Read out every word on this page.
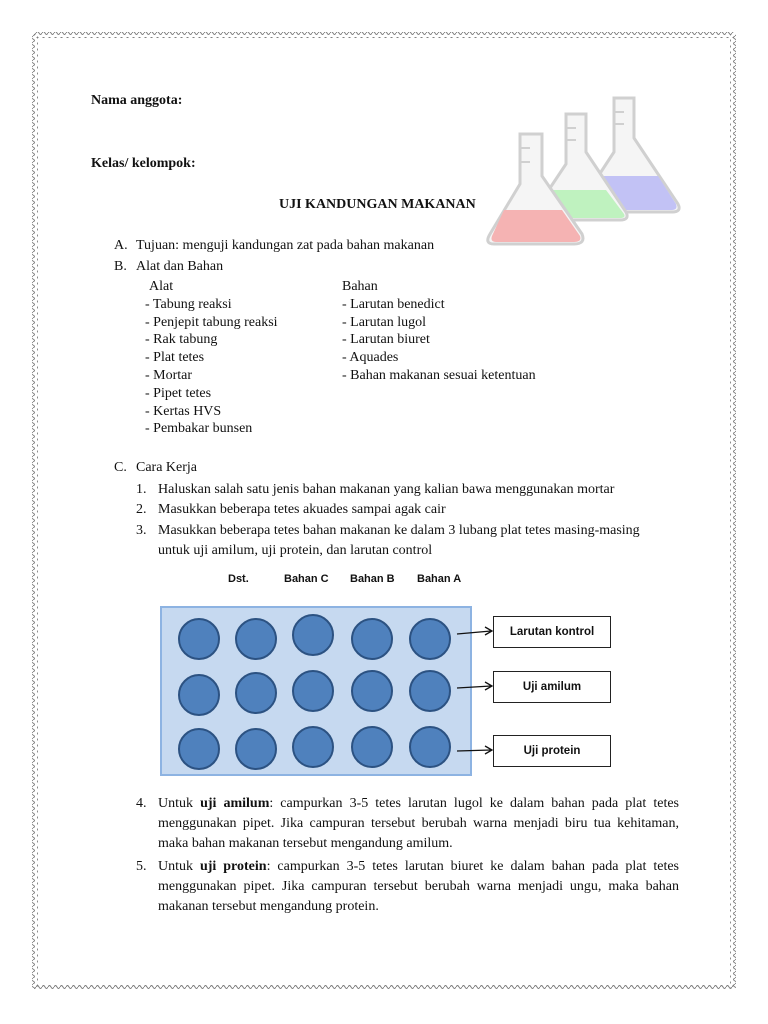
Nama anggota:
Kelas/ kelompok:
UJI KANDUNGAN MAKANAN
A. Tujuan: menguji kandungan zat pada bahan makanan
B. Alat dan Bahan
Alat
- Tabung reaksi
- Penjepit tabung reaksi
- Rak tabung
- Plat tetes
- Mortar
- Pipet tetes
- Kertas HVS
- Pembakar bunsen
Bahan
- Larutan benedict
- Larutan lugol
- Larutan biuret
- Aquades
- Bahan makanan sesuai ketentuan
C. Cara Kerja
1. Haluskan salah satu jenis bahan makanan yang kalian bawa menggunakan mortar
2. Masukkan beberapa tetes akuades sampai agak cair
3. Masukkan beberapa tetes bahan makanan ke dalam 3 lubang plat tetes masing-masing
untuk uji amilum, uji protein, dan larutan control
Dst.	Bahan C Bahan B Bahan A
Larutan kontrol
Uji amilum
Uji protein
4. Untuk uji amilum: campurkan 3-5 tetes larutan lugol ke dalam bahan pada plat tetes menggunakan pipet. Jika campuran tersebut berubah warna menjadi biru tua kehitaman, maka bahan makanan tersebut mengandung amilum.

5. Untuk uji protein: campurkan 3-5 tetes larutan biuret ke dalam bahan pada plat tetes menggunakan pipet. Jika campuran tersebut berubah warna menjadi ungu, maka bahan makanan tersebut mengandung protein.
